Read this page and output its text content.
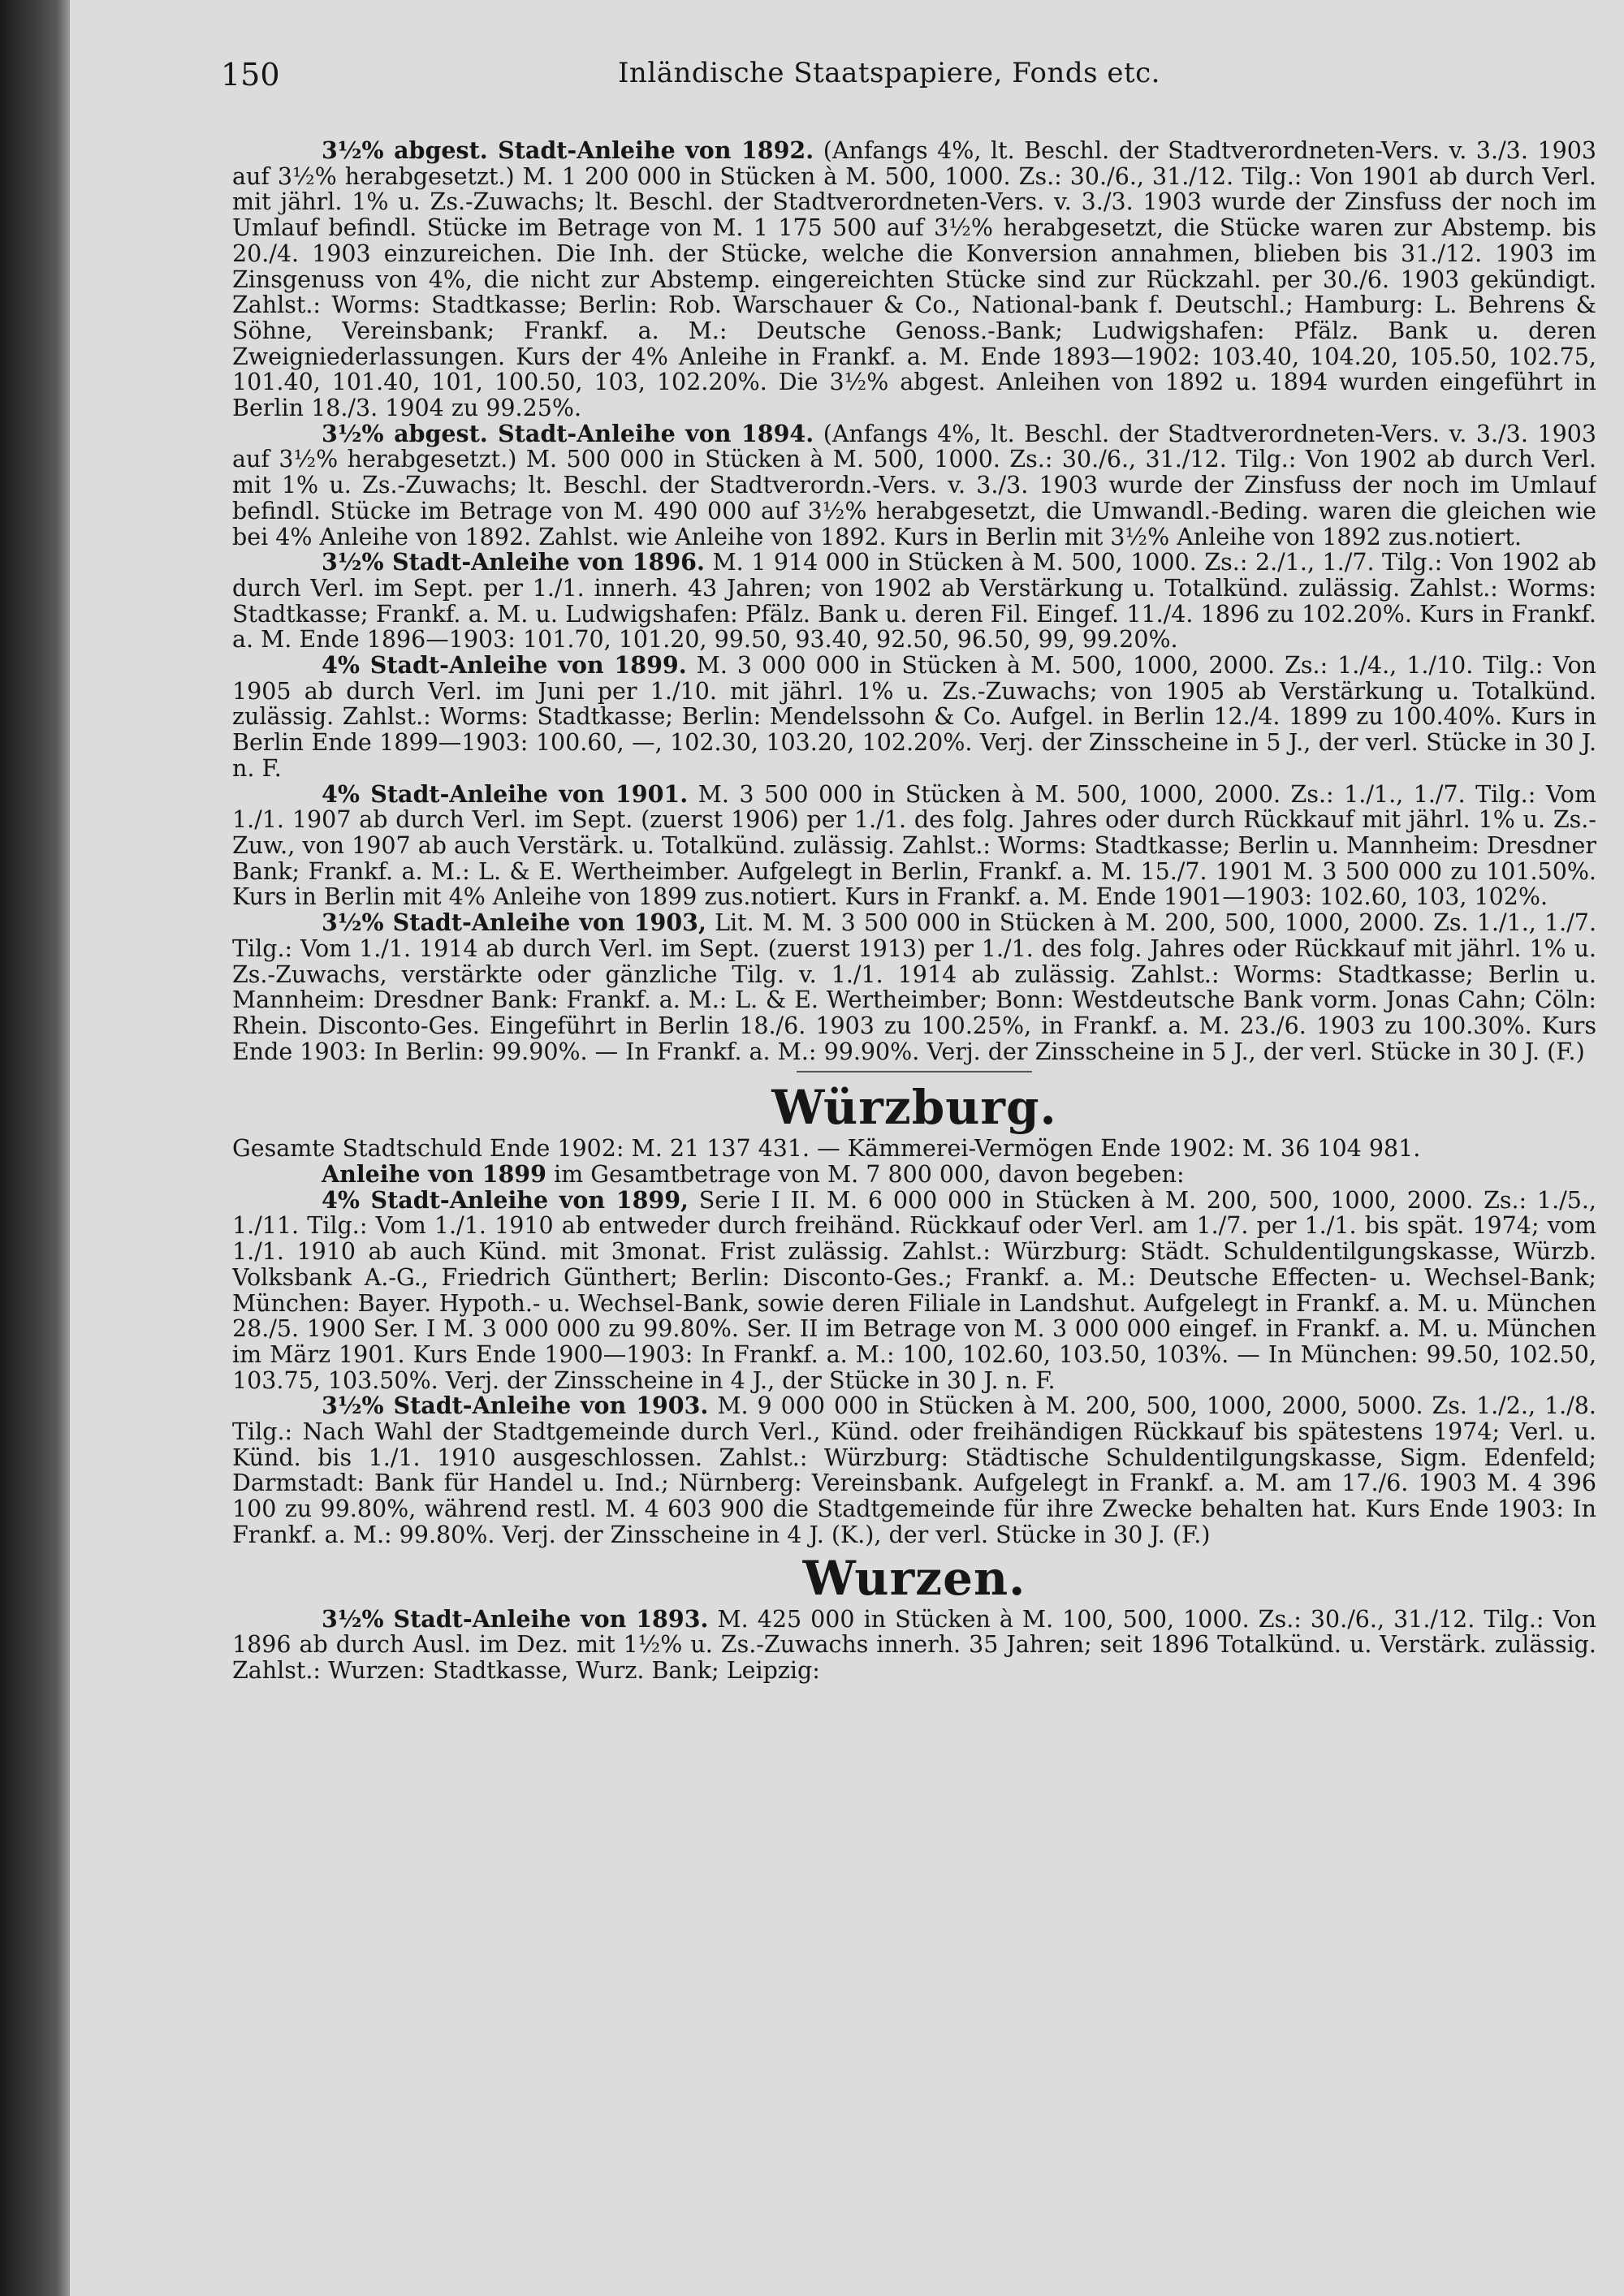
150	Inländische Staatspapiere, Fonds etc.

3½% abgest. Stadt-Anleihe von 1892. (Anfangs 4%, lt. Beschl. der Stadtverordneten-Vers. v. 3./3. 1903 auf 3½% herabgesetzt.) M. 1 200 000 in Stücken à M. 500, 1000. Zs.: 30./6., 31./12. Tilg.: Von 1901 ab durch Verl. mit jährl. 1% u. Zs.-Zuwachs; lt. Beschl. der Stadtverordneten-Vers. v. 3./3. 1903 wurde der Zinsfuss der noch im Umlauf befindl. Stücke im Betrage von M. 1 175 500 auf 3½% herabgesetzt, die Stücke waren zur Abstemp. bis 20./4. 1903 einzureichen. Die Inh. der Stücke, welche die Konversion annahmen, blieben bis 31./12. 1903 im Zinsgenuss von 4%, die nicht zur Abstemp. eingereichten Stücke sind zur Rückzahl. per 30./6. 1903 gekündigt. Zahlst.: Worms: Stadtkasse; Berlin: Rob. Warschauer & Co., National-bank f. Deutschl.; Hamburg: L. Behrens & Söhne, Vereinsbank; Frankf. a. M.: Deutsche Genoss.-Bank; Ludwigshafen: Pfälz. Bank u. deren Zweigniederlassungen. Kurs der 4% Anleihe in Frankf. a. M. Ende 1893—1902: 103.40, 104.20, 105.50, 102.75, 101.40, 101.40, 101, 100.50, 103, 102.20%. Die 3½% abgest. Anleihen von 1892 u. 1894 wurden eingeführt in Berlin 18./3. 1904 zu 99.25%.

3½% abgest. Stadt-Anleihe von 1894. (Anfangs 4%, lt. Beschl. der Stadtverordneten-Vers. v. 3./3. 1903 auf 3½% herabgesetzt.) M. 500 000 in Stücken à M. 500, 1000. Zs.: 30./6., 31./12. Tilg.: Von 1902 ab durch Verl. mit 1% u. Zs.-Zuwachs; lt. Beschl. der Stadtverordn.-Vers. v. 3./3. 1903 wurde der Zinsfuss der noch im Umlauf befindl. Stücke im Betrage von M. 490 000 auf 3½% herabgesetzt, die Umwandl.-Beding. waren die gleichen wie bei 4% Anleihe von 1892. Zahlst. wie Anleihe von 1892. Kurs in Berlin mit 3½% Anleihe von 1892 zus.notiert.

3½% Stadt-Anleihe von 1896. M. 1 914 000 in Stücken à M. 500, 1000. Zs.: 2./1., 1./7. Tilg.: Von 1902 ab durch Verl. im Sept. per 1./1. innerh. 43 Jahren; von 1902 ab Verstärkung u. Totalkünd. zulässig. Zahlst.: Worms: Stadtkasse; Frankf. a. M. u. Ludwigshafen: Pfälz. Bank u. deren Fil. Eingef. 11./4. 1896 zu 102.20%. Kurs in Frankf. a. M. Ende 1896—1903: 101.70, 101.20, 99.50, 93.40, 92.50, 96.50, 99, 99.20%.

4% Stadt-Anleihe von 1899. M. 3 000 000 in Stücken à M. 500, 1000, 2000. Zs.: 1./4., 1./10. Tilg.: Von 1905 ab durch Verl. im Juni per 1./10. mit jährl. 1% u. Zs.-Zuwachs; von 1905 ab Verstärkung u. Totalkünd. zulässig. Zahlst.: Worms: Stadtkasse; Berlin: Mendelssohn & Co. Aufgel. in Berlin 12./4. 1899 zu 100.40%. Kurs in Berlin Ende 1899—1903: 100.60, —, 102.30, 103.20, 102.20%. Verj. der Zinsscheine in 5 J., der verl. Stücke in 30 J. n. F.

4% Stadt-Anleihe von 1901. M. 3 500 000 in Stücken à M. 500, 1000, 2000. Zs.: 1./1., 1./7. Tilg.: Vom 1./1. 1907 ab durch Verl. im Sept. (zuerst 1906) per 1./1. des folg. Jahres oder durch Rückkauf mit jährl. 1% u. Zs.-Zuw., von 1907 ab auch Verstärk. u. Totalkünd. zulässig. Zahlst.: Worms: Stadtkasse; Berlin u. Mannheim: Dresdner Bank; Frankf. a. M.: L. & E. Wertheimber. Aufgelegt in Berlin, Frankf. a. M. 15./7. 1901 M. 3 500 000 zu 101.50%. Kurs in Berlin mit 4% Anleihe von 1899 zus.notiert. Kurs in Frankf. a. M. Ende 1901—1903: 102.60, 103, 102%.

3½% Stadt-Anleihe von 1903, Lit. M. M. 3 500 000 in Stücken à M. 200, 500, 1000, 2000. Zs. 1./1., 1./7. Tilg.: Vom 1./1. 1914 ab durch Verl. im Sept. (zuerst 1913) per 1./1. des folg. Jahres oder Rückkauf mit jährl. 1% u. Zs.-Zuwachs, verstärkte oder gänzliche Tilg. v. 1./1. 1914 ab zulässig. Zahlst.: Worms: Stadtkasse; Berlin u. Mannheim: Dresdner Bank: Frankf. a. M.: L. & E. Wertheimber; Bonn: Westdeutsche Bank vorm. Jonas Cahn; Cöln: Rhein. Disconto-Ges. Eingeführt in Berlin 18./6. 1903 zu 100.25%, in Frankf. a. M. 23./6. 1903 zu 100.30%. Kurs Ende 1903: In Berlin: 99.90%. — In Frankf. a. M.: 99.90%. Verj. der Zinsscheine in 5 J., der verl. Stücke in 30 J. (F.)

Würzburg.

Gesamte Stadtschuld Ende 1902: M. 21 137 431. — Kämmerei-Vermögen Ende 1902: M. 36 104 981.

Anleihe von 1899 im Gesamtbetrage von M. 7 800 000, davon begeben:

4% Stadt-Anleihe von 1899, Serie I II. M. 6 000 000 in Stücken à M. 200, 500, 1000, 2000. Zs.: 1./5., 1./11. Tilg.: Vom 1./1. 1910 ab entweder durch freihänd. Rückkauf oder Verl. am 1./7. per 1./1. bis spät. 1974; vom 1./1. 1910 ab auch Künd. mit 3monat. Frist zulässig. Zahlst.: Würzburg: Städt. Schuldentilgungskasse, Würzb. Volksbank A.-G., Friedrich Günthert; Berlin: Disconto-Ges.; Frankf. a. M.: Deutsche Effecten- u. Wechsel-Bank; München: Bayer. Hypoth.- u. Wechsel-Bank, sowie deren Filiale in Landshut. Aufgelegt in Frankf. a. M. u. München 28./5. 1900 Ser. I M. 3 000 000 zu 99.80%. Ser. II im Betrage von M. 3 000 000 eingef. in Frankf. a. M. u. München im März 1901. Kurs Ende 1900—1903: In Frankf. a. M.: 100, 102.60, 103.50, 103%. — In München: 99.50, 102.50, 103.75, 103.50%. Verj. der Zinsscheine in 4 J., der Stücke in 30 J. n. F.

3½% Stadt-Anleihe von 1903. M. 9 000 000 in Stücken à M. 200, 500, 1000, 2000, 5000. Zs. 1./2., 1./8. Tilg.: Nach Wahl der Stadtgemeinde durch Verl., Künd. oder freihändigen Rückkauf bis spätestens 1974; Verl. u. Künd. bis 1./1. 1910 ausgeschlossen. Zahlst.: Würzburg: Städtische Schuldentilgungskasse, Sigm. Edenfeld; Darmstadt: Bank für Handel u. Ind.; Nürnberg: Vereinsbank. Aufgelegt in Frankf. a. M. am 17./6. 1903 M. 4 396 100 zu 99.80%, während restl. M. 4 603 900 die Stadtgemeinde für ihre Zwecke behalten hat. Kurs Ende 1903: In Frankf. a. M.: 99.80%. Verj. der Zinsscheine in 4 J. (K.), der verl. Stücke in 30 J. (F.)

Wurzen.

3½% Stadt-Anleihe von 1893. M. 425 000 in Stücken à M. 100, 500, 1000. Zs.: 30./6., 31./12. Tilg.: Von 1896 ab durch Ausl. im Dez. mit 1½% u. Zs.-Zuwachs innerh. 35 Jahren; seit 1896 Totalkünd. u. Verstärk. zulässig. Zahlst.: Wurzen: Stadtkasse, Wurz. Bank; Leipzig:
